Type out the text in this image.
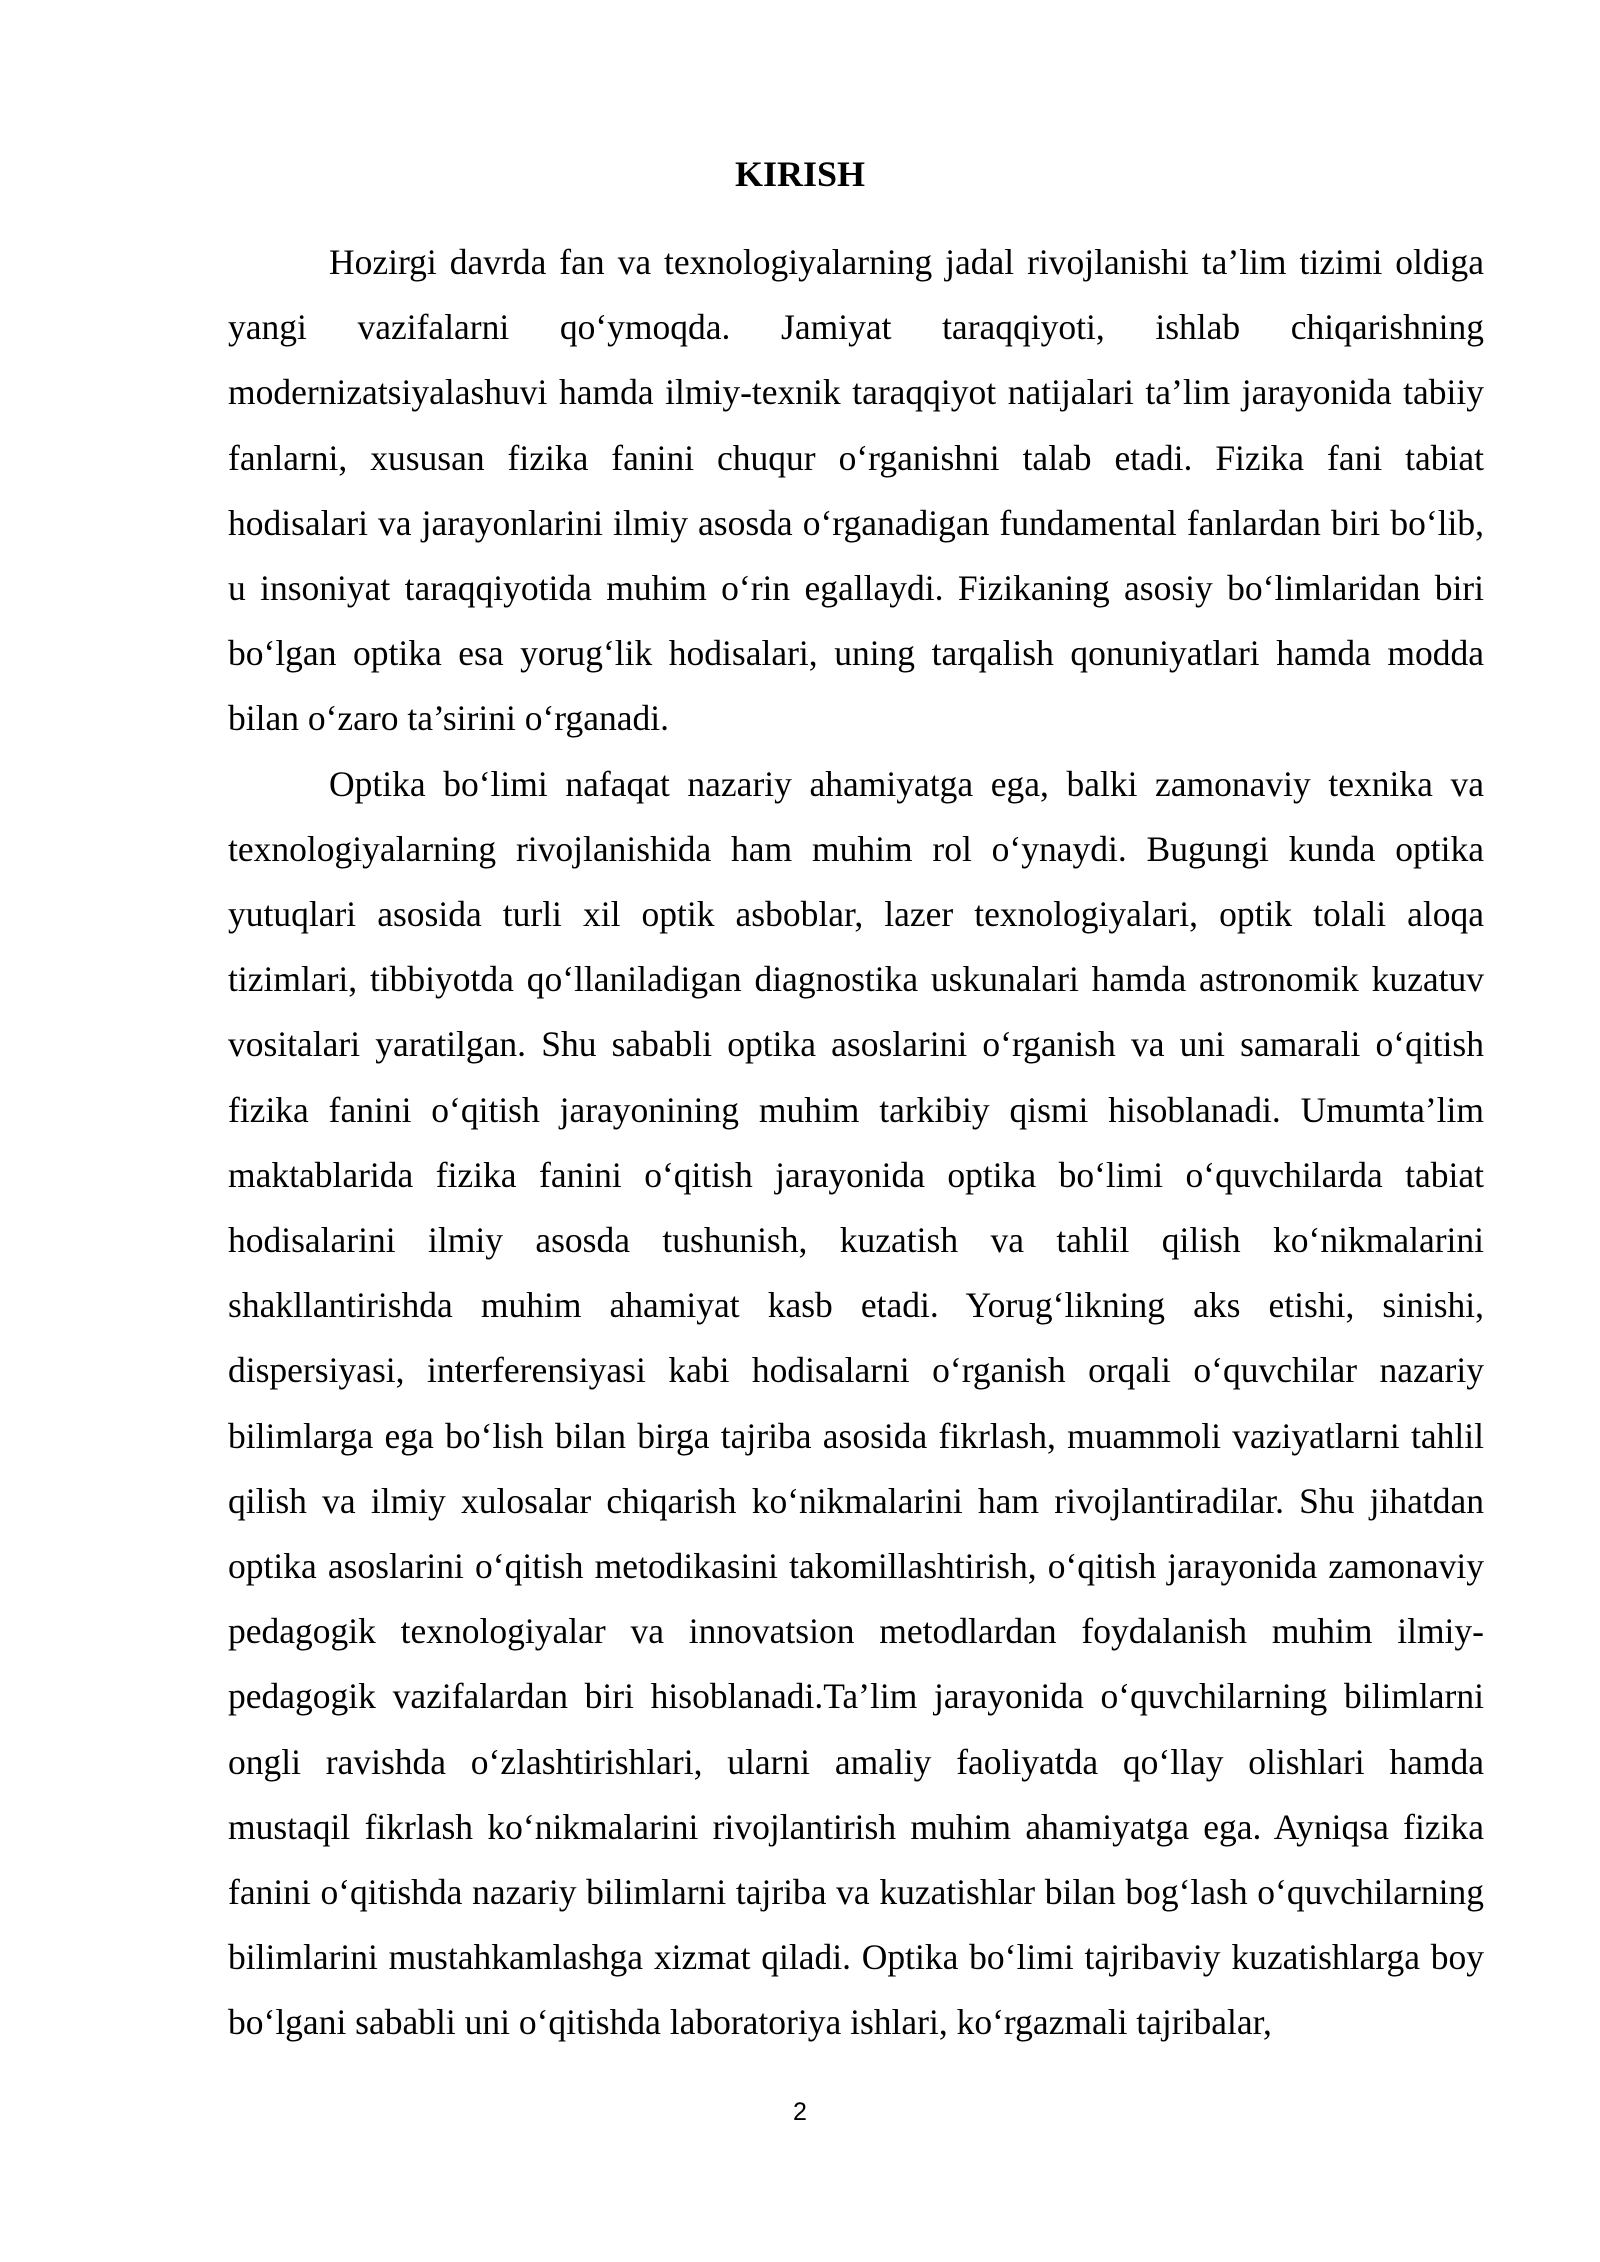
KIRISH

Hozirgi davrda fan va texnologiyalarning jadal rivojlanishi ta’lim tizimi oldiga yangi vazifalarni qo‘ymoqda. Jamiyat taraqqiyoti, ishlab chiqarishning modernizatsiyalashuvi hamda ilmiy-texnik taraqqiyot natijalari ta’lim jarayonida tabiiy fanlarni, xususan fizika fanini chuqur o‘rganishni talab etadi. Fizika fani tabiat hodisalari va jarayonlarini ilmiy asosda o‘rganadigan fundamental fanlardan biri bo‘lib, u insoniyat taraqqiyotida muhim o‘rin egallaydi. Fizikaning asosiy bo‘limlaridan biri bo‘lgan optika esa yorug‘lik hodisalari, uning tarqalish qonuniyatlari hamda modda bilan o‘zaro ta’sirini o‘rganadi.

Optika bo‘limi nafaqat nazariy ahamiyatga ega, balki zamonaviy texnika va texnologiyalarning rivojlanishida ham muhim rol o‘ynaydi. Bugungi kunda optika yutuqlari asosida turli xil optik asboblar, lazer texnologiyalari, optik tolali aloqa tizimlari, tibbiyotda qo‘llaniladigan diagnostika uskunalari hamda astronomik kuzatuv vositalari yaratilgan. Shu sababli optika asoslarini o‘rganish va uni samarali o‘qitish fizika fanini o‘qitish jarayonining muhim tarkibiy qismi hisoblanadi. Umumta’lim maktablarida fizika fanini o‘qitish jarayonida optika bo‘limi o‘quvchilarda tabiat hodisalarini ilmiy asosda tushunish, kuzatish va tahlil qilish ko‘nikmalarini shakllantirishda muhim ahamiyat kasb etadi. Yorug‘likning aks etishi, sinishi, dispersiyasi, interferensiyasi kabi hodisalarni o‘rganish orqali o‘quvchilar nazariy bilimlarga ega bo‘lish bilan birga tajriba asosida fikrlash, muammoli vaziyatlarni tahlil qilish va ilmiy xulosalar chiqarish ko‘nikmalarini ham rivojlantiradilar. Shu jihatdan optika asoslarini o‘qitish metodikasini takomillashtirish, o‘qitish jarayonida zamonaviy pedagogik texnologiyalar va innovatsion metodlardan foydalanish muhim ilmiy-pedagogik vazifalardan biri hisoblanadi.Ta’lim jarayonida o‘quvchilarning bilimlarni ongli ravishda o‘zlashtirishlari, ularni amaliy faoliyatda qo‘llay olishlari hamda mustaqil fikrlash ko‘nikmalarini rivojlantirish muhim ahamiyatga ega. Ayniqsa fizika fanini o‘qitishda nazariy bilimlarni tajriba va kuzatishlar bilan bog‘lash o‘quvchilarning bilimlarini mustahkamlashga xizmat qiladi. Optika bo‘limi tajribaviy kuzatishlarga boy bo‘lgani sababli uni o‘qitishda laboratoriya ishlari, ko‘rgazmali tajribalar,

2
